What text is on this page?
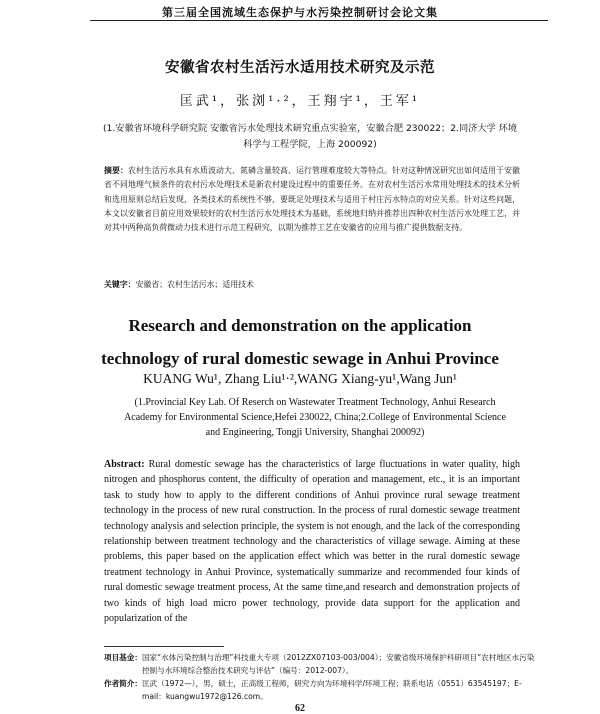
第三届全国流域生态保护与水污染控制研讨会论文集
安徽省农村生活污水适用技术研究及示范
匡武¹，张浏¹·²，王翔宇¹，王军¹
(1.安徽省环境科学研究院 安徽省污水处理技术研究重点实验室，安徽合肥 230022；2.同济大学 环境科学与工程学院，上海 200092)
摘要：农村生活污水具有水质波动大、氮磷含量较高、运行管理难度较大等特点。针对这种情况研究出如何适用于安徽省不同地理气候条件的农村污水处理技术是新农村建设过程中的重要任务。在对农村生活污水常用处理技术的技术分析和选用原则总结后发现，各类技术的系统性不够，要既足处理技术与适用于村庄污水特点的对应关系。针对这些问题，本文以安徽省目前应用效果较好的农村生活污水处理技术为基础，系统地归纳并推荐出四种农村生活污水处理工艺，并对其中两种高负荷微动力技术进行示范工程研究，以期为推荐工艺在安徽省的应用与推广提供数据支持。
关键字：安徽省；农村生活污水；适用技术
Research and demonstration on the application
technology of rural domestic sewage in Anhui Province
KUANG Wu¹, Zhang Liu¹·²,WANG Xiang-yu¹,Wang Jun¹
(1.Provincial Key Lab. Of Reserch on Wastewater Treatment Technology, Anhui Research Academy for Environmental Science,Hefei 230022, China;2.College of Environmental Science and Engineering, Tongji University, Shanghai 200092)
Abstract: Rural domestic sewage has the characteristics of large fluctuations in water quality, high nitrogen and phosphorus content, the difficulty of operation and management, etc., it is an important task to study how to apply to the different conditions of Anhui province rural sewage treatment technology in the process of new rural construction. In the process of rural domestic sewage treatment technology analysis and selection principle, the system is not enough, and the lack of the corresponding relationship between treatment technology and the characteristics of village sewage. Aiming at these problems, this paper based on the application effect which was better in the rural domestic sewage treatment technology in Anhui Province, systematically summarize and recommended four kinds of rural domestic sewage treatment process, At the same time,and research and demonstration projects of two kinds of high load micro power technology, provide data support for the application and popularization of the
项目基金： 国家“水体污染控制与治理”科技重大专项（2012ZX07103-003/004）；安徽省级环境保护科研项目“农村地区水污染控制与水环境综合整治技术研究与评估”（编号：2012-007）。
作者简介： 匡武（1972—），男，硕士，正高级工程师，研究方向为环境科学/环境工程；联系电话（0551）63545197；E-mail：kuangwu1972@126.com。
62
